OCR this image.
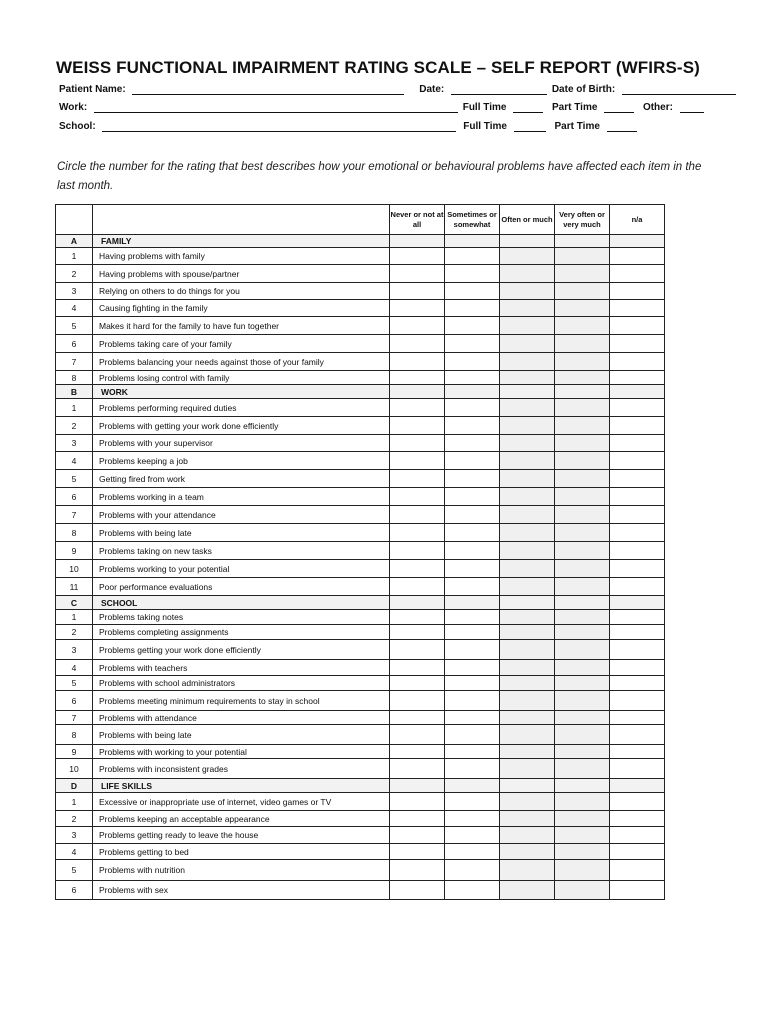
WEISS FUNCTIONAL IMPAIRMENT RATING SCALE – SELF REPORT (WFIRS-S)
Patient Name:	Date:	Date of Birth:
Work:	Full Time	Part Time	Other:
School:	Full Time	Part Time
Circle the number for the rating that best describes how your emotional or behavioural problems have affected each item in the last month.
		Never or not at all	Sometimes or somewhat	Often or much	Very often or very much	n/a
A	FAMILY					
1	Having problems with family					
2	Having problems with spouse/partner					
3	Relying on others to do things for you					
4	Causing fighting in the family					
5	Makes it hard for the family to have fun together					
6	Problems taking care of your family					
7	Problems balancing your needs against those of your family					
8	Problems losing control with family					
B	WORK					
1	Problems performing required duties					
2	Problems with getting your work done efficiently					
3	Problems with your supervisor					
4	Problems keeping a job					
5	Getting fired from work					
6	Problems working in a team					
7	Problems with your attendance					
8	Problems with being late					
9	Problems taking on new tasks					
10	Problems working to your potential					
11	Poor performance evaluations					
C	SCHOOL					
1	Problems taking notes					
2	Problems completing assignments					
3	Problems getting your work done efficiently					
4	Problems with teachers					
5	Problems with school administrators					
6	Problems meeting minimum requirements to stay in school					
7	Problems with attendance					
8	Problems with being late					
9	Problems with working to your potential					
10	Problems with inconsistent grades					
D	LIFE SKILLS					
1	Excessive or inappropriate use of internet, video games or TV					
2	Problems keeping an acceptable appearance					
3	Problems getting ready to leave the house					
4	Problems getting to bed					
5	Problems with nutrition					
6	Problems with sex					
